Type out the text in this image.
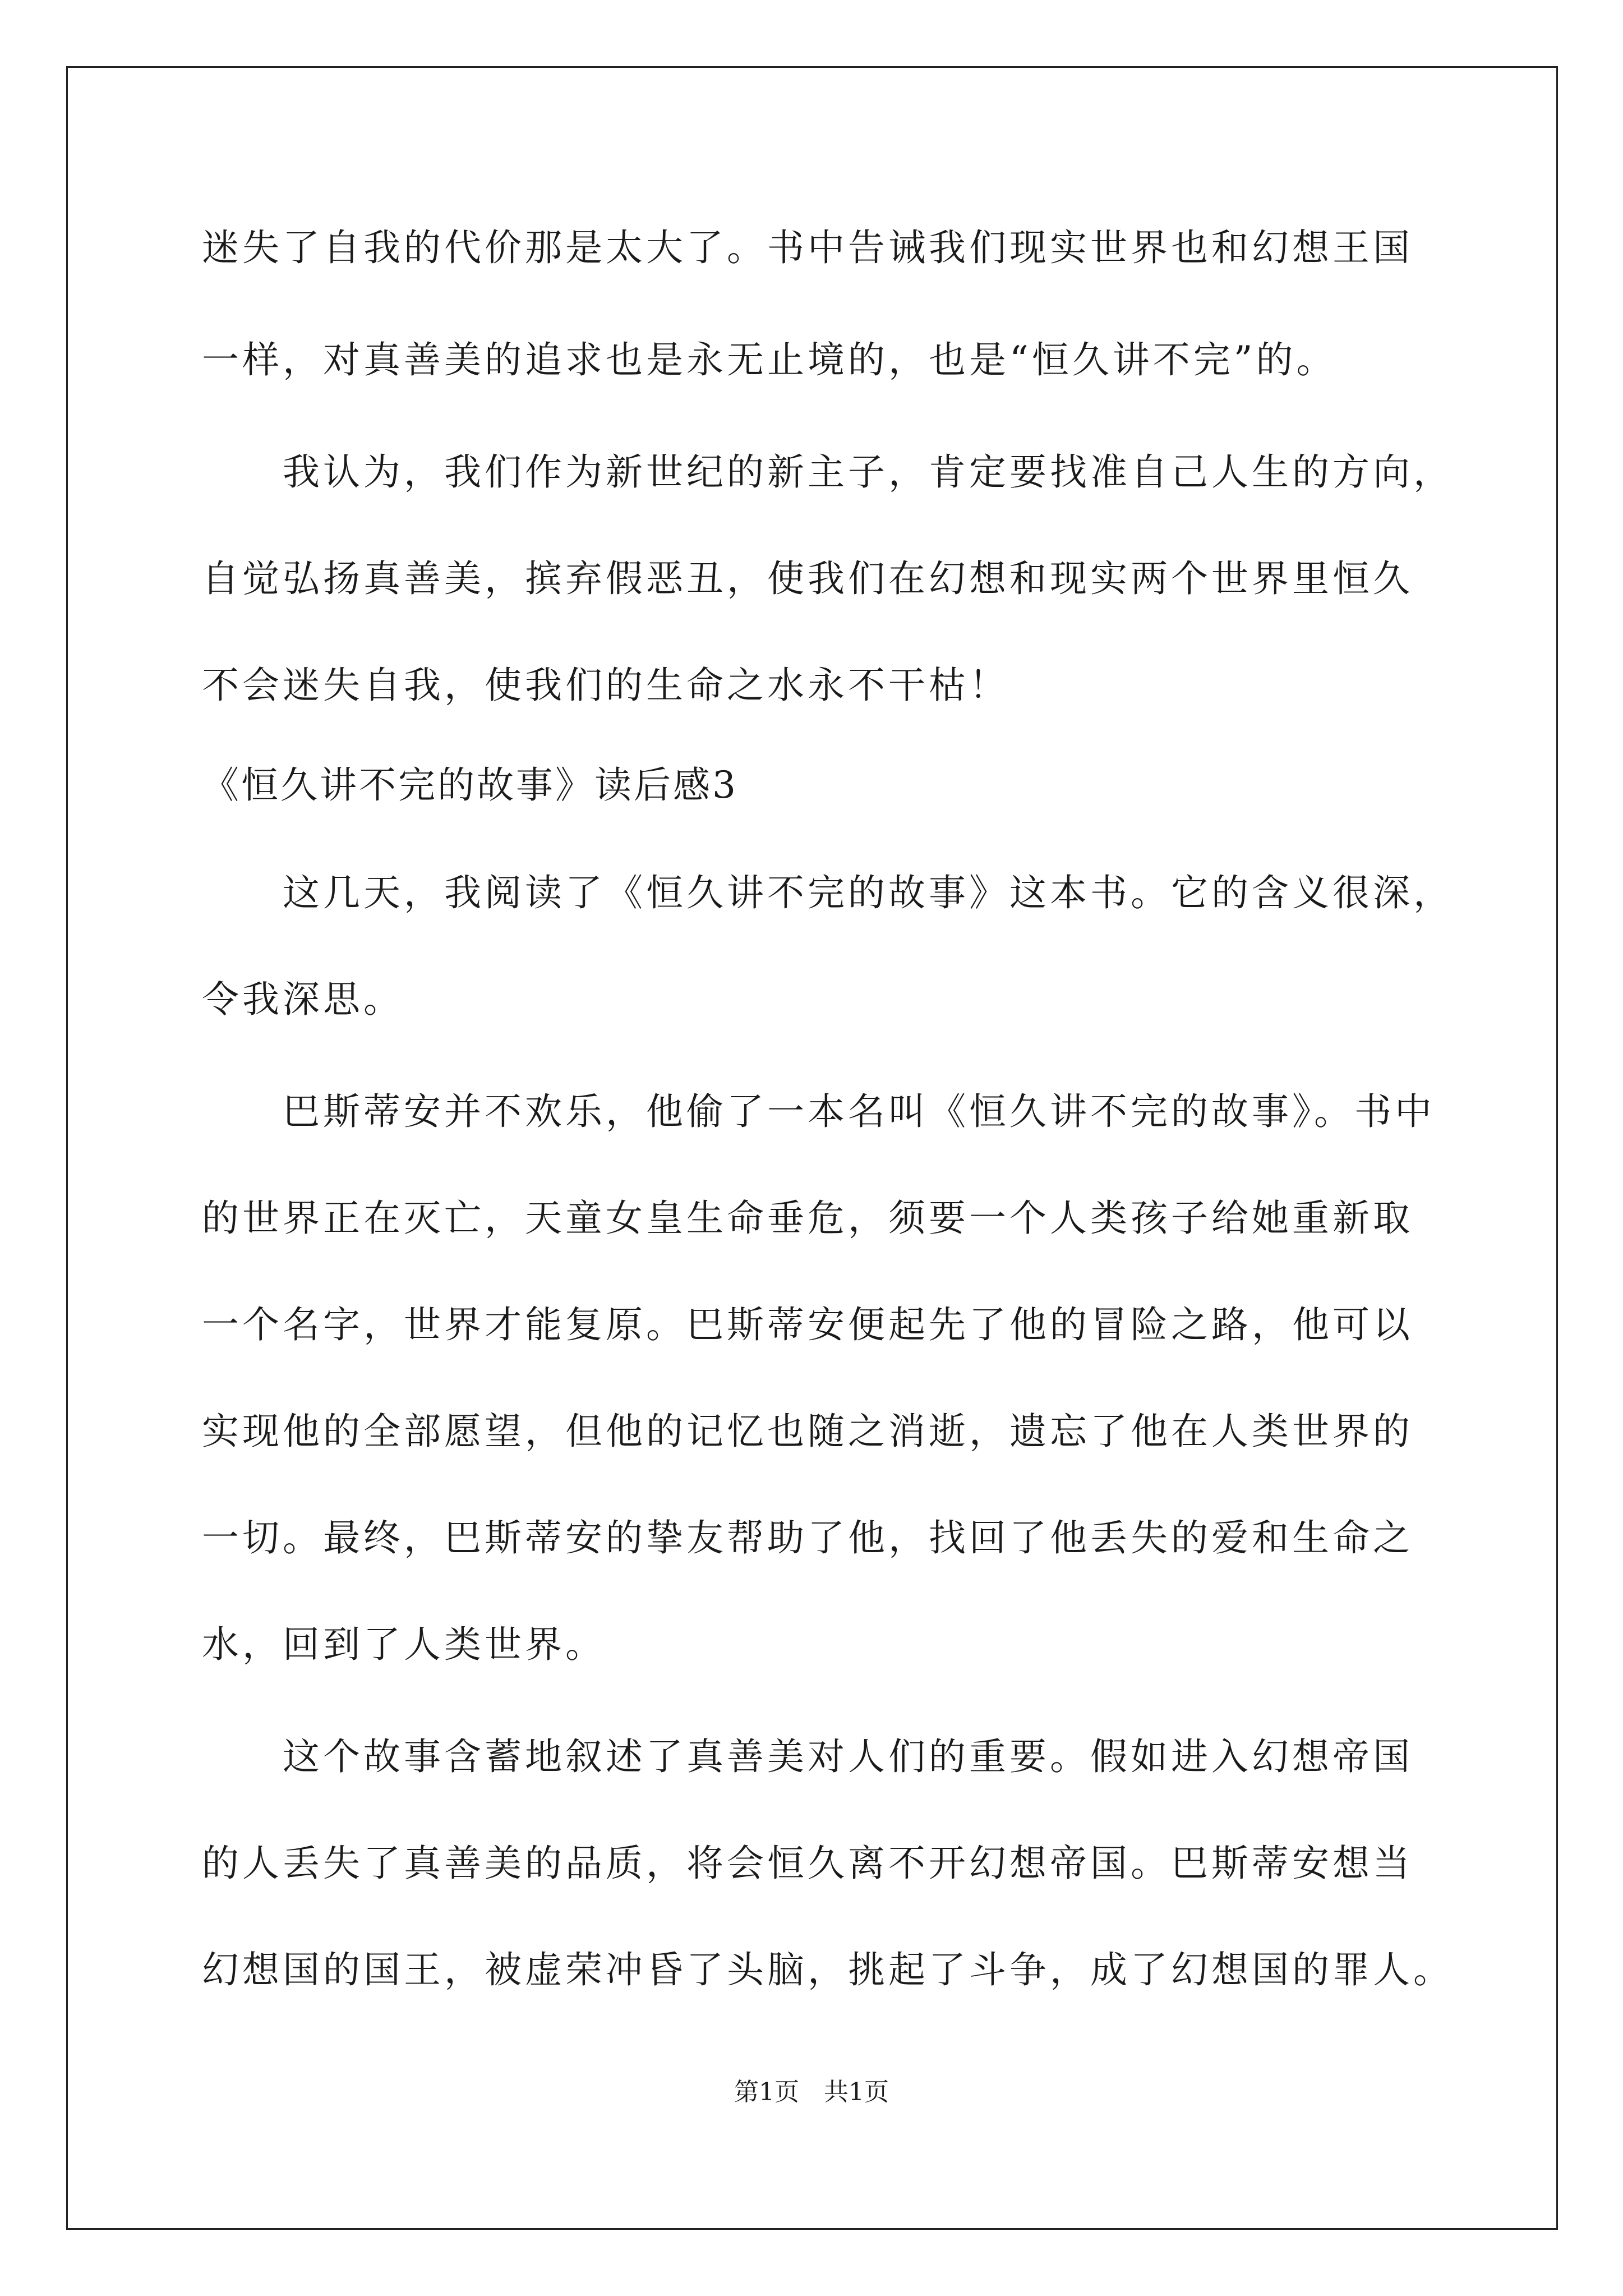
迷失了自我的代价那是太大了。书中告诫我们现实世界也和幻想王国
一样，对真善美的追求也是永无止境的，也是“恒久讲不完”的。
　　我认为，我们作为新世纪的新主子，肯定要找准自己人生的方向，
自觉弘扬真善美，摈弃假恶丑，使我们在幻想和现实两个世界里恒久
不会迷失自我，使我们的生命之水永不干枯！
《恒久讲不完的故事》读后感3
　　这几天，我阅读了《恒久讲不完的故事》这本书。它的含义很深，
令我深思。
　　巴斯蒂安并不欢乐，他偷了一本名叫《恒久讲不完的故事》。书中
的世界正在灭亡，天童女皇生命垂危，须要一个人类孩子给她重新取
一个名字，世界才能复原。巴斯蒂安便起先了他的冒险之路，他可以
实现他的全部愿望，但他的记忆也随之消逝，遗忘了他在人类世界的
一切。最终，巴斯蒂安的挚友帮助了他，找回了他丢失的爱和生命之
水，回到了人类世界。
　　这个故事含蓄地叙述了真善美对人们的重要。假如进入幻想帝国
的人丢失了真善美的品质，将会恒久离不开幻想帝国。巴斯蒂安想当
幻想国的国王，被虚荣冲昏了头脑，挑起了斗争，成了幻想国的罪人。
第1页　共1页
